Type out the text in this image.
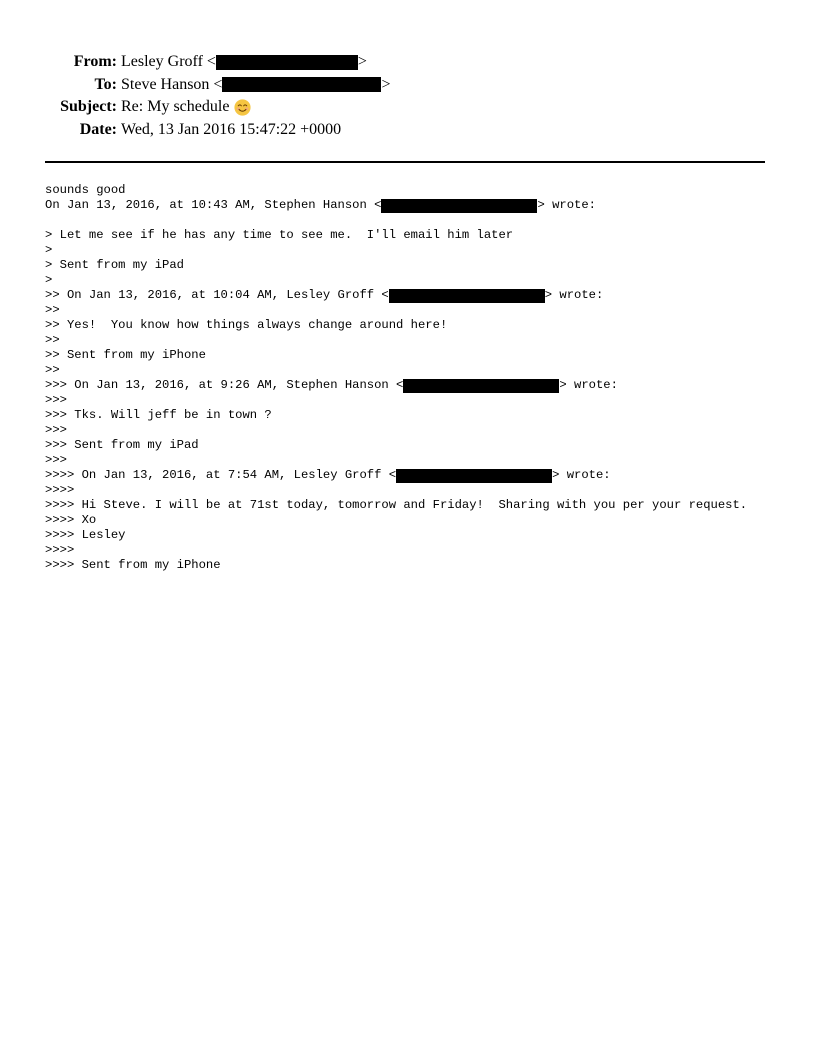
From: Lesley Groff <	>
To: Steve Hanson <	>
Subject: Re: My schedule
Date: Wed, 13 Jan 2016 15:47:22 +0000
sounds good
On Jan 13, 2016, at 10:43 AM, Stephen Hanson <	> wrote:
> Let me see if he has any time to see me.  I'll email him later
>
> Sent from my iPad
>
>> On Jan 13, 2016, at 10:04 AM, Lesley Groff <	> wrote:
>>
>> Yes!  You know how things always change around here!
>>
>> Sent from my iPhone
>>
>>> On Jan 13, 2016, at 9:26 AM, Stephen Hanson <	> wrote:
>>>
>>> Tks. Will jeff be in town ?
>>>
>>> Sent from my iPad
>>>
>>>> On Jan 13, 2016, at 7:54 AM, Lesley Groff <	> wrote:
>>>>
>>>> Hi Steve. I will be at 71st today, tomorrow and Friday!  Sharing with you per your request.
>>>> Xo
>>>> Lesley
>>>>
>>>> Sent from my iPhone
